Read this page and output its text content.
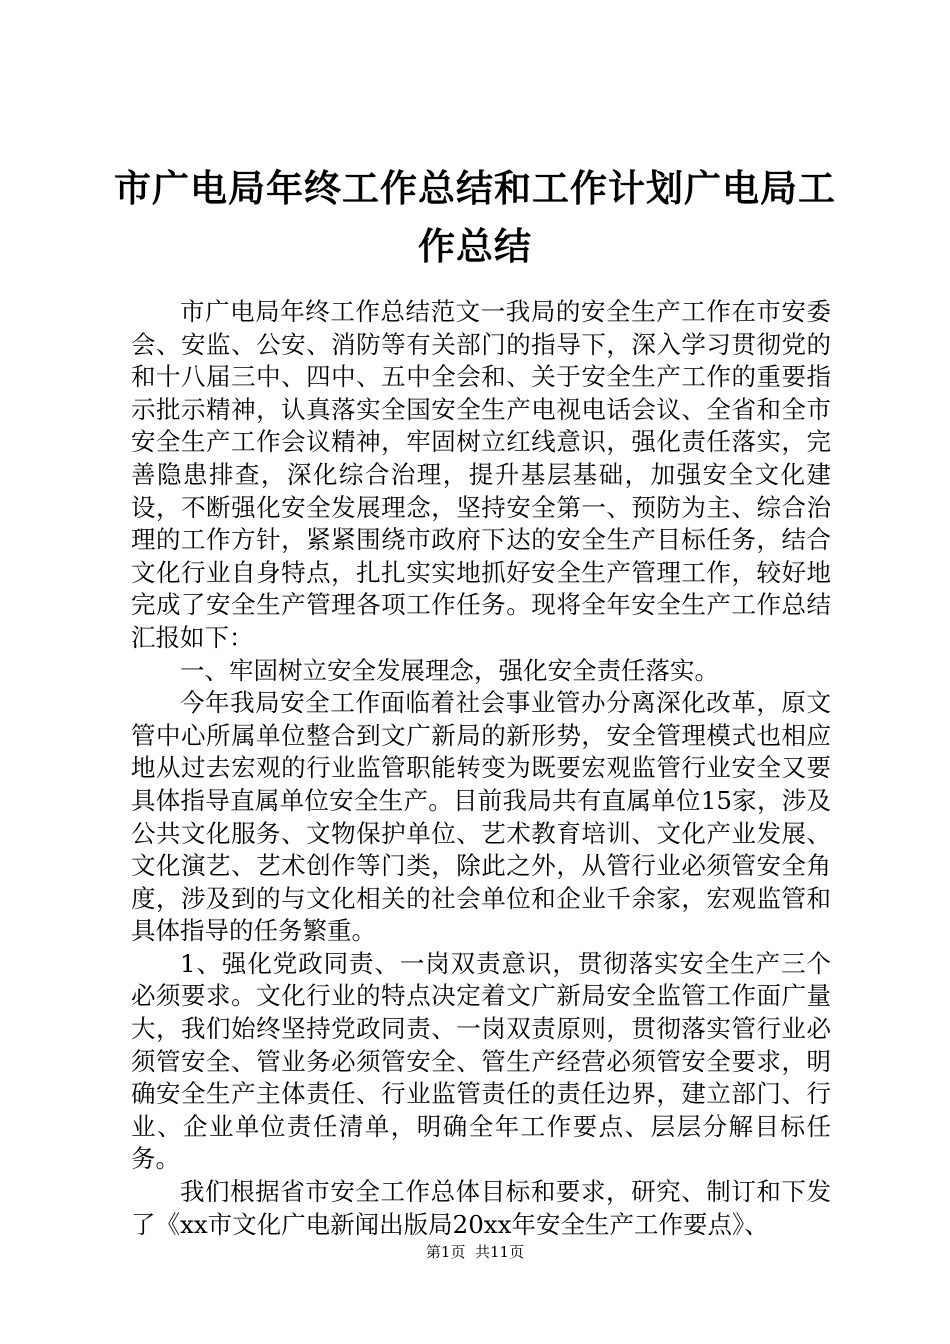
市广电局年终工作总结和工作计划广电局工作总结

市广电局年终工作总结范文一我局的安全生产工作在市安委会、安监、公安、消防等有关部门的指导下，深入学习贯彻党的和十八届三中、四中、五中全会和、关于安全生产工作的重要指示批示精神，认真落实全国安全生产电视电话会议、全省和全市安全生产工作会议精神，牢固树立红线意识，强化责任落实，完善隐患排查，深化综合治理，提升基层基础，加强安全文化建设，不断强化安全发展理念，坚持安全第一、预防为主、综合治理的工作方针，紧紧围绕市政府下达的安全生产目标任务，结合文化行业自身特点，扎扎实实地抓好安全生产管理工作，较好地完成了安全生产管理各项工作任务。现将全年安全生产工作总结汇报如下：

一、牢固树立安全发展理念，强化安全责任落实。

今年我局安全工作面临着社会事业管办分离深化改革，原文管中心所属单位整合到文广新局的新形势，安全管理模式也相应地从过去宏观的行业监管职能转变为既要宏观监管行业安全又要具体指导直属单位安全生产。目前我局共有直属单位15家，涉及公共文化服务、文物保护单位、艺术教育培训、文化产业发展、文化演艺、艺术创作等门类，除此之外，从管行业必须管安全角度，涉及到的与文化相关的社会单位和企业千余家，宏观监管和具体指导的任务繁重。

1、强化党政同责、一岗双责意识，贯彻落实安全生产三个必须要求。文化行业的特点决定着文广新局安全监管工作面广量大，我们始终坚持党政同责、一岗双责原则，贯彻落实管行业必须管安全、管业务必须管安全、管生产经营必须管安全要求，明确安全生产主体责任、行业监管责任的责任边界，建立部门、行业、企业单位责任清单，明确全年工作要点、层层分解目标任务。

我们根据省市安全工作总体目标和要求，研究、制订和下发了《xx市文化广电新闻出版局20xx年安全生产工作要点》、

第1页  共11页
